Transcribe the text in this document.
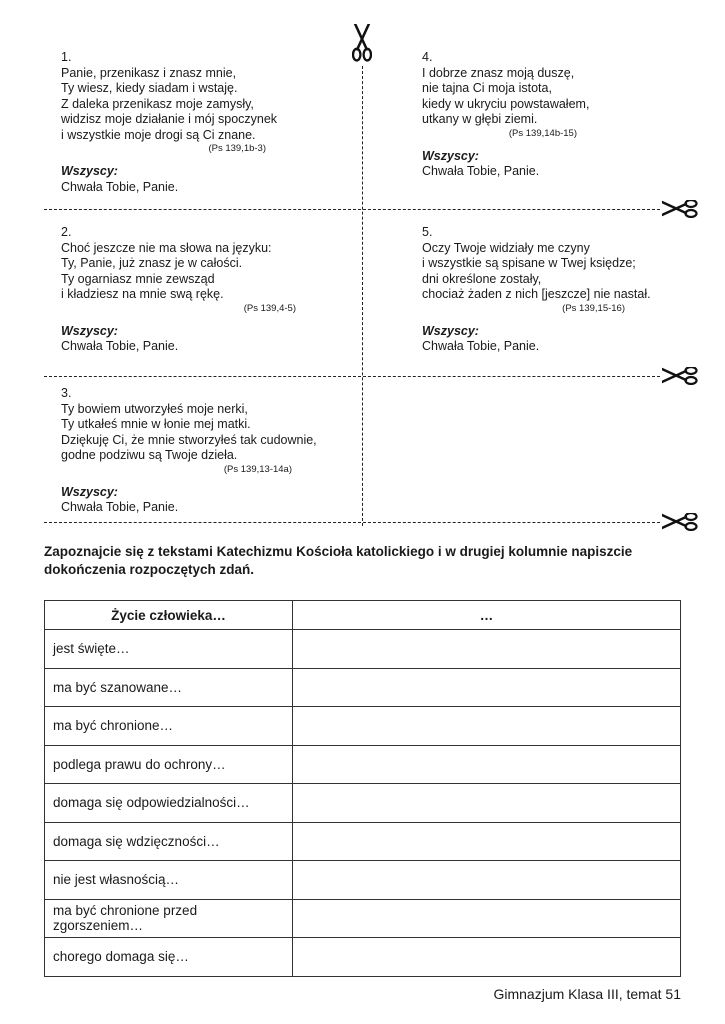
1.
Panie, przenikasz i znasz mnie,
Ty wiesz, kiedy siadam i wstaję.
Z daleka przenikasz moje zamysły,
widzisz moje działanie i mój spoczynek
i wszystkie moje drogi są Ci znane.
(Ps 139,1b-3)
Wszyscy:
Chwała Tobie, Panie.
2.
Choć jeszcze nie ma słowa na języku:
Ty, Panie, już znasz je w całości.
Ty ogarniasz mnie zewsząd
i kładziesz na mnie swą rękę.
(Ps 139,4-5)
Wszyscy:
Chwała Tobie, Panie.
3.
Ty bowiem utworzyłeś moje nerki,
Ty utkałeś mnie w łonie mej matki.
Dziękuję Ci, że mnie stworzyłeś tak cudownie,
godne podziwu są Twoje dzieła.
(Ps 139,13-14a)
Wszyscy:
Chwała Tobie, Panie.
4.
I dobrze znasz moją duszę,
nie tajna Ci moja istota,
kiedy w ukryciu powstawałem,
utkany w głębi ziemi.
(Ps 139,14b-15)
Wszyscy:
Chwała Tobie, Panie.
5.
Oczy Twoje widziały me czyny
i wszystkie są spisane w Twej księdze;
dni określone zostały,
chociaż żaden z nich [jeszcze] nie nastał.
(Ps 139,15-16)
Wszyscy:
Chwała Tobie, Panie.
Zapoznajcie się z tekstami Katechizmu Kościoła katolickiego i w drugiej kolumnie napiszcie dokończenia rozpoczętych zdań.
Życie człowieka…	…
jest święte…	
ma być szanowane…	
ma być chronione…	
podlega prawu do ochrony…	
domaga się odpowiedzialności…	
domaga się wdzięczności…	
nie jest własnością…	
ma być chronione przed zgorszeniem…	
chorego domaga się…	
Gimnazjum Klasa III, temat 51
